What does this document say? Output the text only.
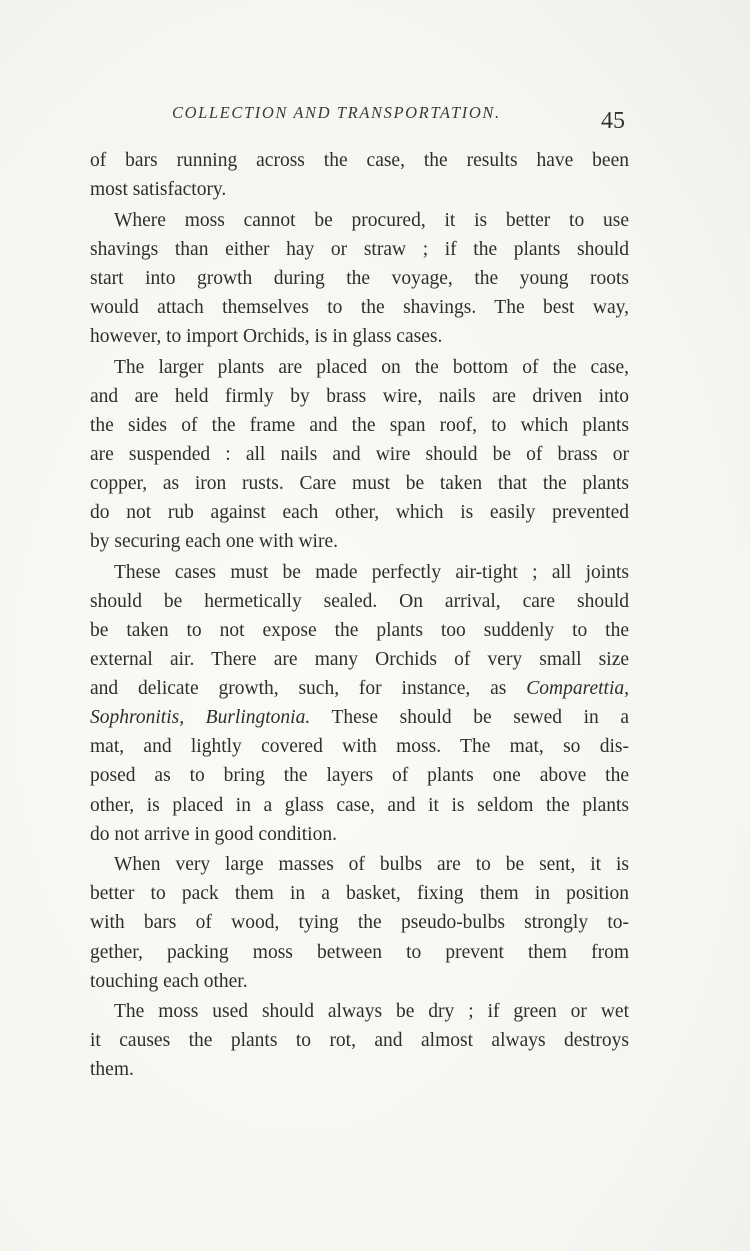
COLLECTION AND TRANSPORTATION.	45
of bars running across the case, the results have been
most satisfactory.
Where moss cannot be procured, it is better to use
shavings than either hay or straw ; if the plants should
start into growth during the voyage, the young roots
would attach themselves to the shavings. The best way,
however, to import Orchids, is in glass cases.
The larger plants are placed on the bottom of the case,
and are held firmly by brass wire, nails are driven into
the sides of the frame and the span roof, to which plants
are suspended : all nails and wire should be of brass or
copper, as iron rusts. Care must be taken that the plants
do not rub against each other, which is easily prevented
by securing each one with wire.
These cases must be made perfectly air-tight ; all joints
should be hermetically sealed. On arrival, care should
be taken to not expose the plants too suddenly to the
external air. There are many Orchids of very small size
and delicate growth, such, for instance, as Comparettia,
Sophronitis, Burlingtonia. These should be sewed in a
mat, and lightly covered with moss. The mat, so dis-
posed as to bring the layers of plants one above the
other, is placed in a glass case, and it is seldom the plants
do not arrive in good condition.
When very large masses of bulbs are to be sent, it is
better to pack them in a basket, fixing them in position
with bars of wood, tying the pseudo-bulbs strongly to-
gether, packing moss between to prevent them from
touching each other.
The moss used should always be dry ; if green or wet
it causes the plants to rot, and almost always destroys
them.
